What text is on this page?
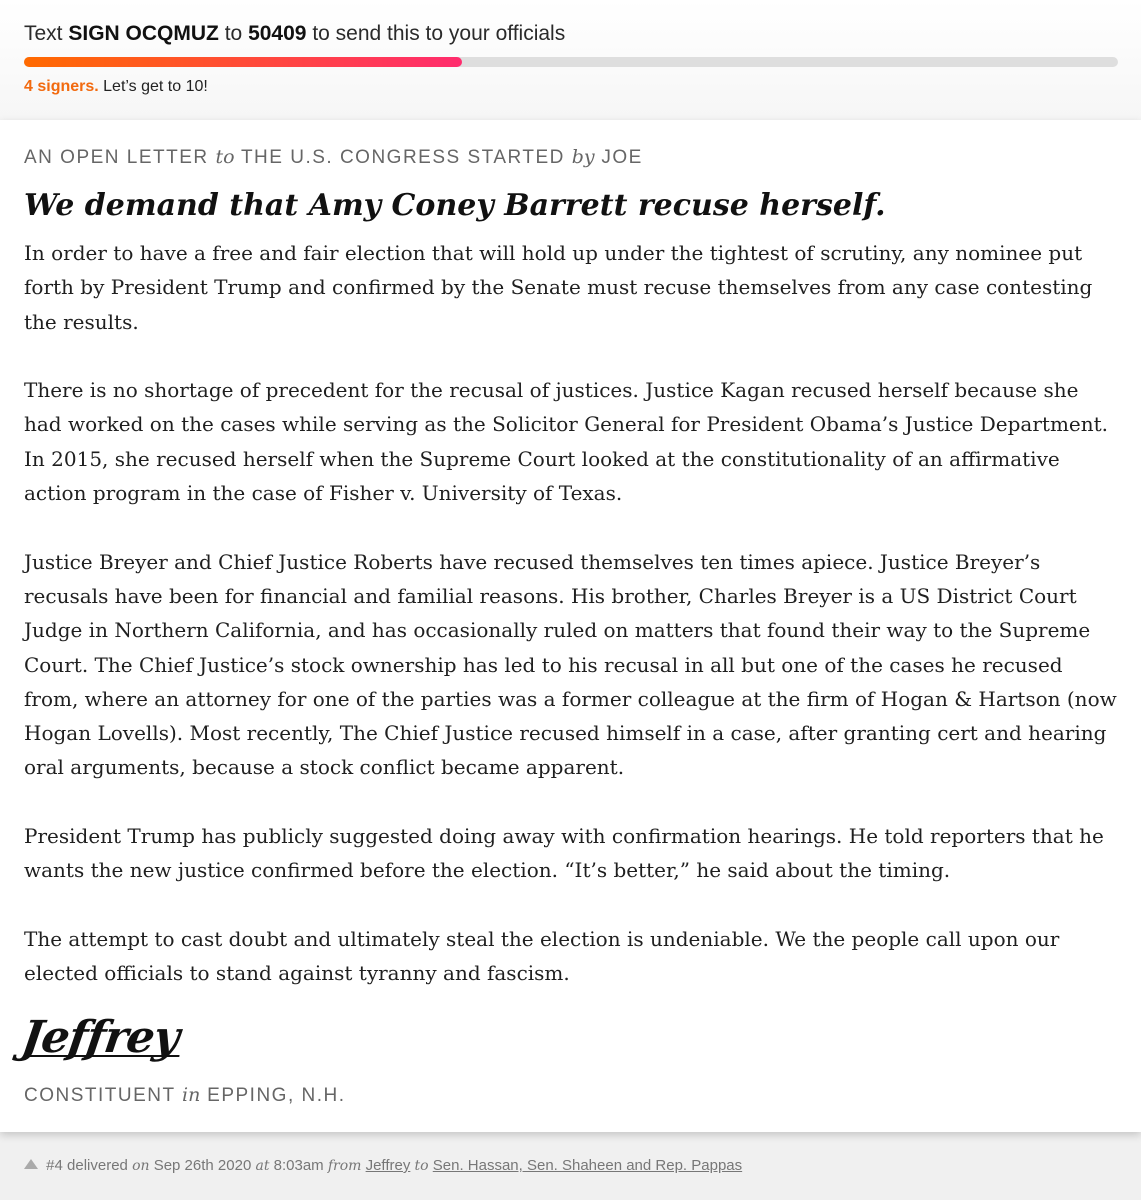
Text SIGN OCQMUZ to 50409 to send this to your officials
4 signers. Let’s get to 10!
AN OPEN LETTER to THE U.S. CONGRESS STARTED by JOE
We demand that Amy Coney Barrett recuse herself.

In order to have a free and fair election that will hold up under the tightest of scrutiny, any nominee put forth by President Trump and confirmed by the Senate must recuse themselves from any case contesting the results.

There is no shortage of precedent for the recusal of justices. Justice Kagan recused herself because she had worked on the cases while serving as the Solicitor General for President Obama’s Justice Department. In 2015, she recused herself when the Supreme Court looked at the constitutionality of an affirmative action program in the case of Fisher v. University of Texas.

Justice Breyer and Chief Justice Roberts have recused themselves ten times apiece. Justice Breyer’s recusals have been for financial and familial reasons. His brother, Charles Breyer is a US District Court Judge in Northern California, and has occasionally ruled on matters that found their way to the Supreme Court. The Chief Justice’s stock ownership has led to his recusal in all but one of the cases he recused from, where an attorney for one of the parties was a former colleague at the firm of Hogan & Hartson (now Hogan Lovells). Most recently, The Chief Justice recused himself in a case, after granting cert and hearing oral arguments, because a stock conflict became apparent.

President Trump has publicly suggested doing away with confirmation hearings. He told reporters that he wants the new justice confirmed before the election. “It’s better,” he said about the timing.

The attempt to cast doubt and ultimately steal the election is undeniable. We the people call upon our elected officials to stand against tyranny and fascism.

Jeffrey
CONSTITUENT in EPPING, N.H.
#4 delivered on Sep 26th 2020 at 8:03am from Jeffrey to Sen. Hassan, Sen. Shaheen and Rep. Pappas
